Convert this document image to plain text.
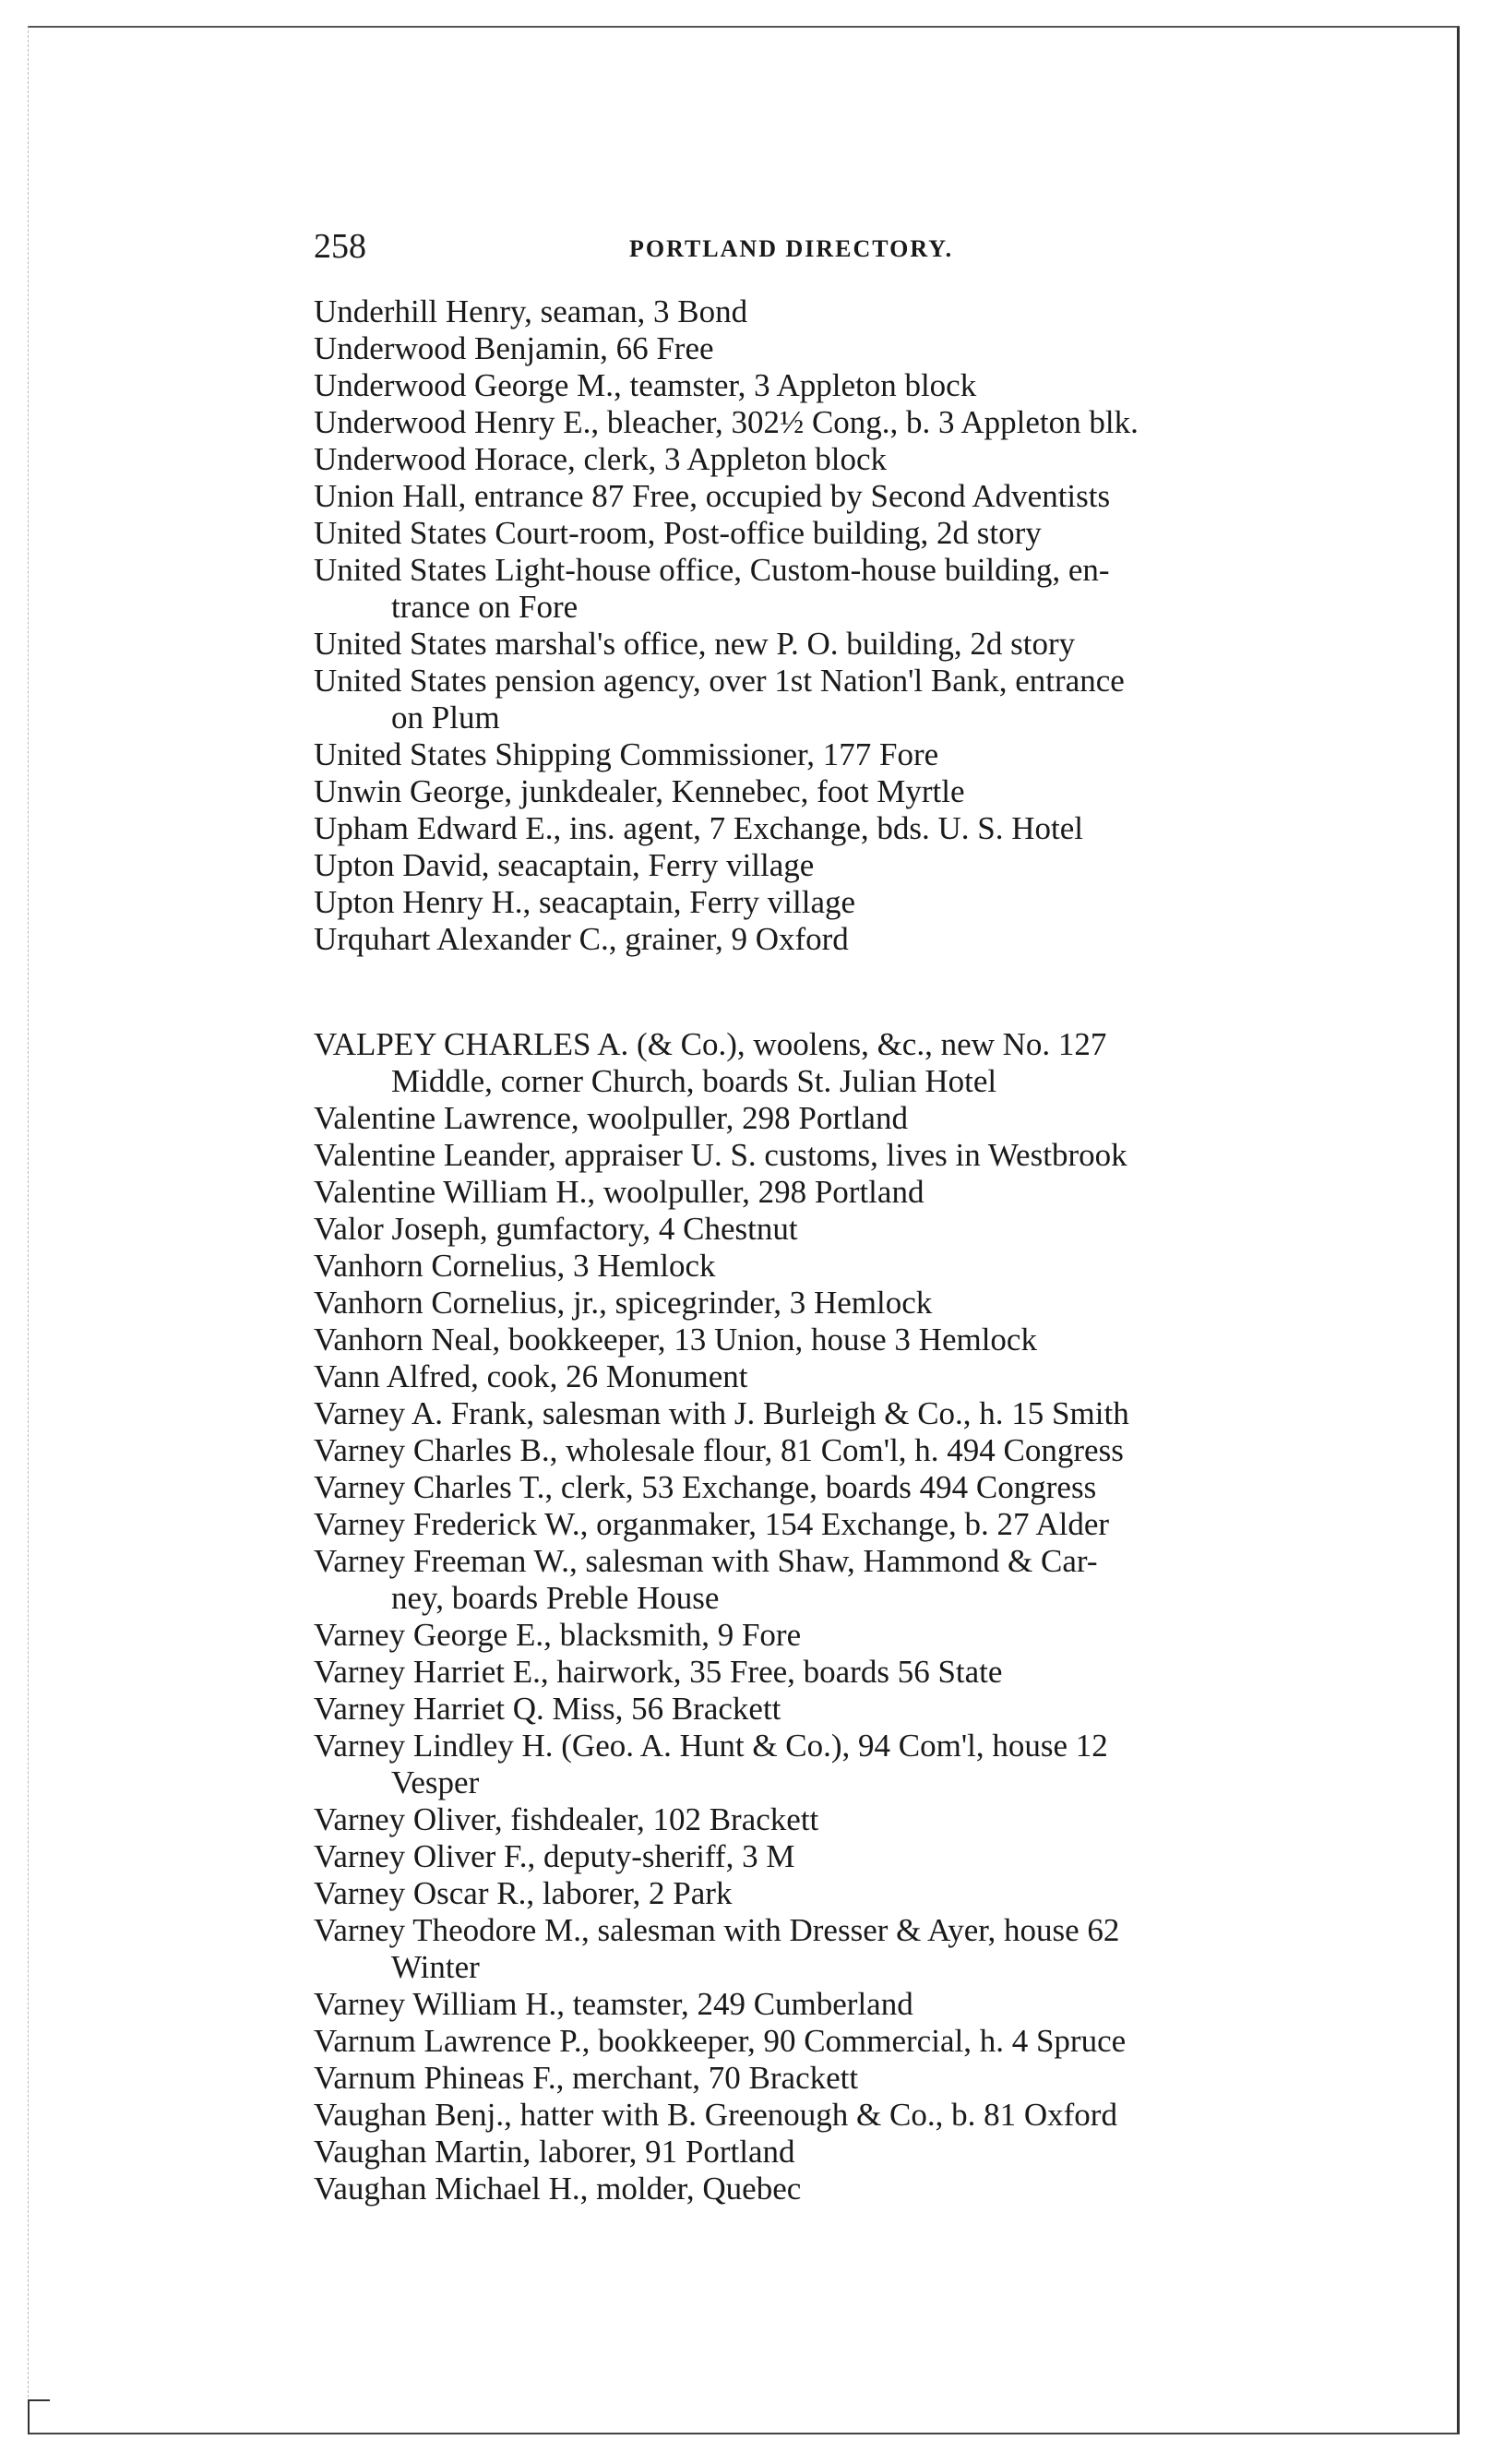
258	PORTLAND DIRECTORY.
Underhill Henry, seaman, 3 Bond
Underwood Benjamin, 66 Free
Underwood George M., teamster, 3 Appleton block
Underwood Henry E., bleacher, 302½ Cong., b. 3 Appleton blk.
Underwood Horace, clerk, 3 Appleton block
Union Hall, entrance 87 Free, occupied by Second Adventists
United States Court-room, Post-office building, 2d story
United States Light-house office, Custom-house building, en-
trance on Fore
United States marshal's office, new P. O. building, 2d story
United States pension agency, over 1st Nation'l Bank, entrance
on Plum
United States Shipping Commissioner, 177 Fore
Unwin George, junkdealer, Kennebec, foot Myrtle
Upham Edward E., ins. agent, 7 Exchange, bds. U. S. Hotel
Upton David, seacaptain, Ferry village
Upton Henry H., seacaptain, Ferry village
Urquhart Alexander C., grainer, 9 Oxford
VALPEY CHARLES A. (& Co.), woolens, &c., new No. 127
Middle, corner Church, boards St. Julian Hotel
Valentine Lawrence, woolpuller, 298 Portland
Valentine Leander, appraiser U. S. customs, lives in Westbrook
Valentine William H., woolpuller, 298 Portland
Valor Joseph, gumfactory, 4 Chestnut
Vanhorn Cornelius, 3 Hemlock
Vanhorn Cornelius, jr., spicegrinder, 3 Hemlock
Vanhorn Neal, bookkeeper, 13 Union, house 3 Hemlock
Vann Alfred, cook, 26 Monument
Varney A. Frank, salesman with J. Burleigh & Co., h. 15 Smith
Varney Charles B., wholesale flour, 81 Com'l, h. 494 Congress
Varney Charles T., clerk, 53 Exchange, boards 494 Congress
Varney Frederick W., organmaker, 154 Exchange, b. 27 Alder
Varney Freeman W., salesman with Shaw, Hammond & Car-
ney, boards Preble House
Varney George E., blacksmith, 9 Fore
Varney Harriet E., hairwork, 35 Free, boards 56 State
Varney Harriet Q. Miss, 56 Brackett
Varney Lindley H. (Geo. A. Hunt & Co.), 94 Com'l, house 12
Vesper
Varney Oliver, fishdealer, 102 Brackett
Varney Oliver F., deputy-sheriff, 3 M
Varney Oscar R., laborer, 2 Park
Varney Theodore M., salesman with Dresser & Ayer, house 62
Winter
Varney William H., teamster, 249 Cumberland
Varnum Lawrence P., bookkeeper, 90 Commercial, h. 4 Spruce
Varnum Phineas F., merchant, 70 Brackett
Vaughan Benj., hatter with B. Greenough & Co., b. 81 Oxford
Vaughan Martin, laborer, 91 Portland
Vaughan Michael H., molder, Quebec
